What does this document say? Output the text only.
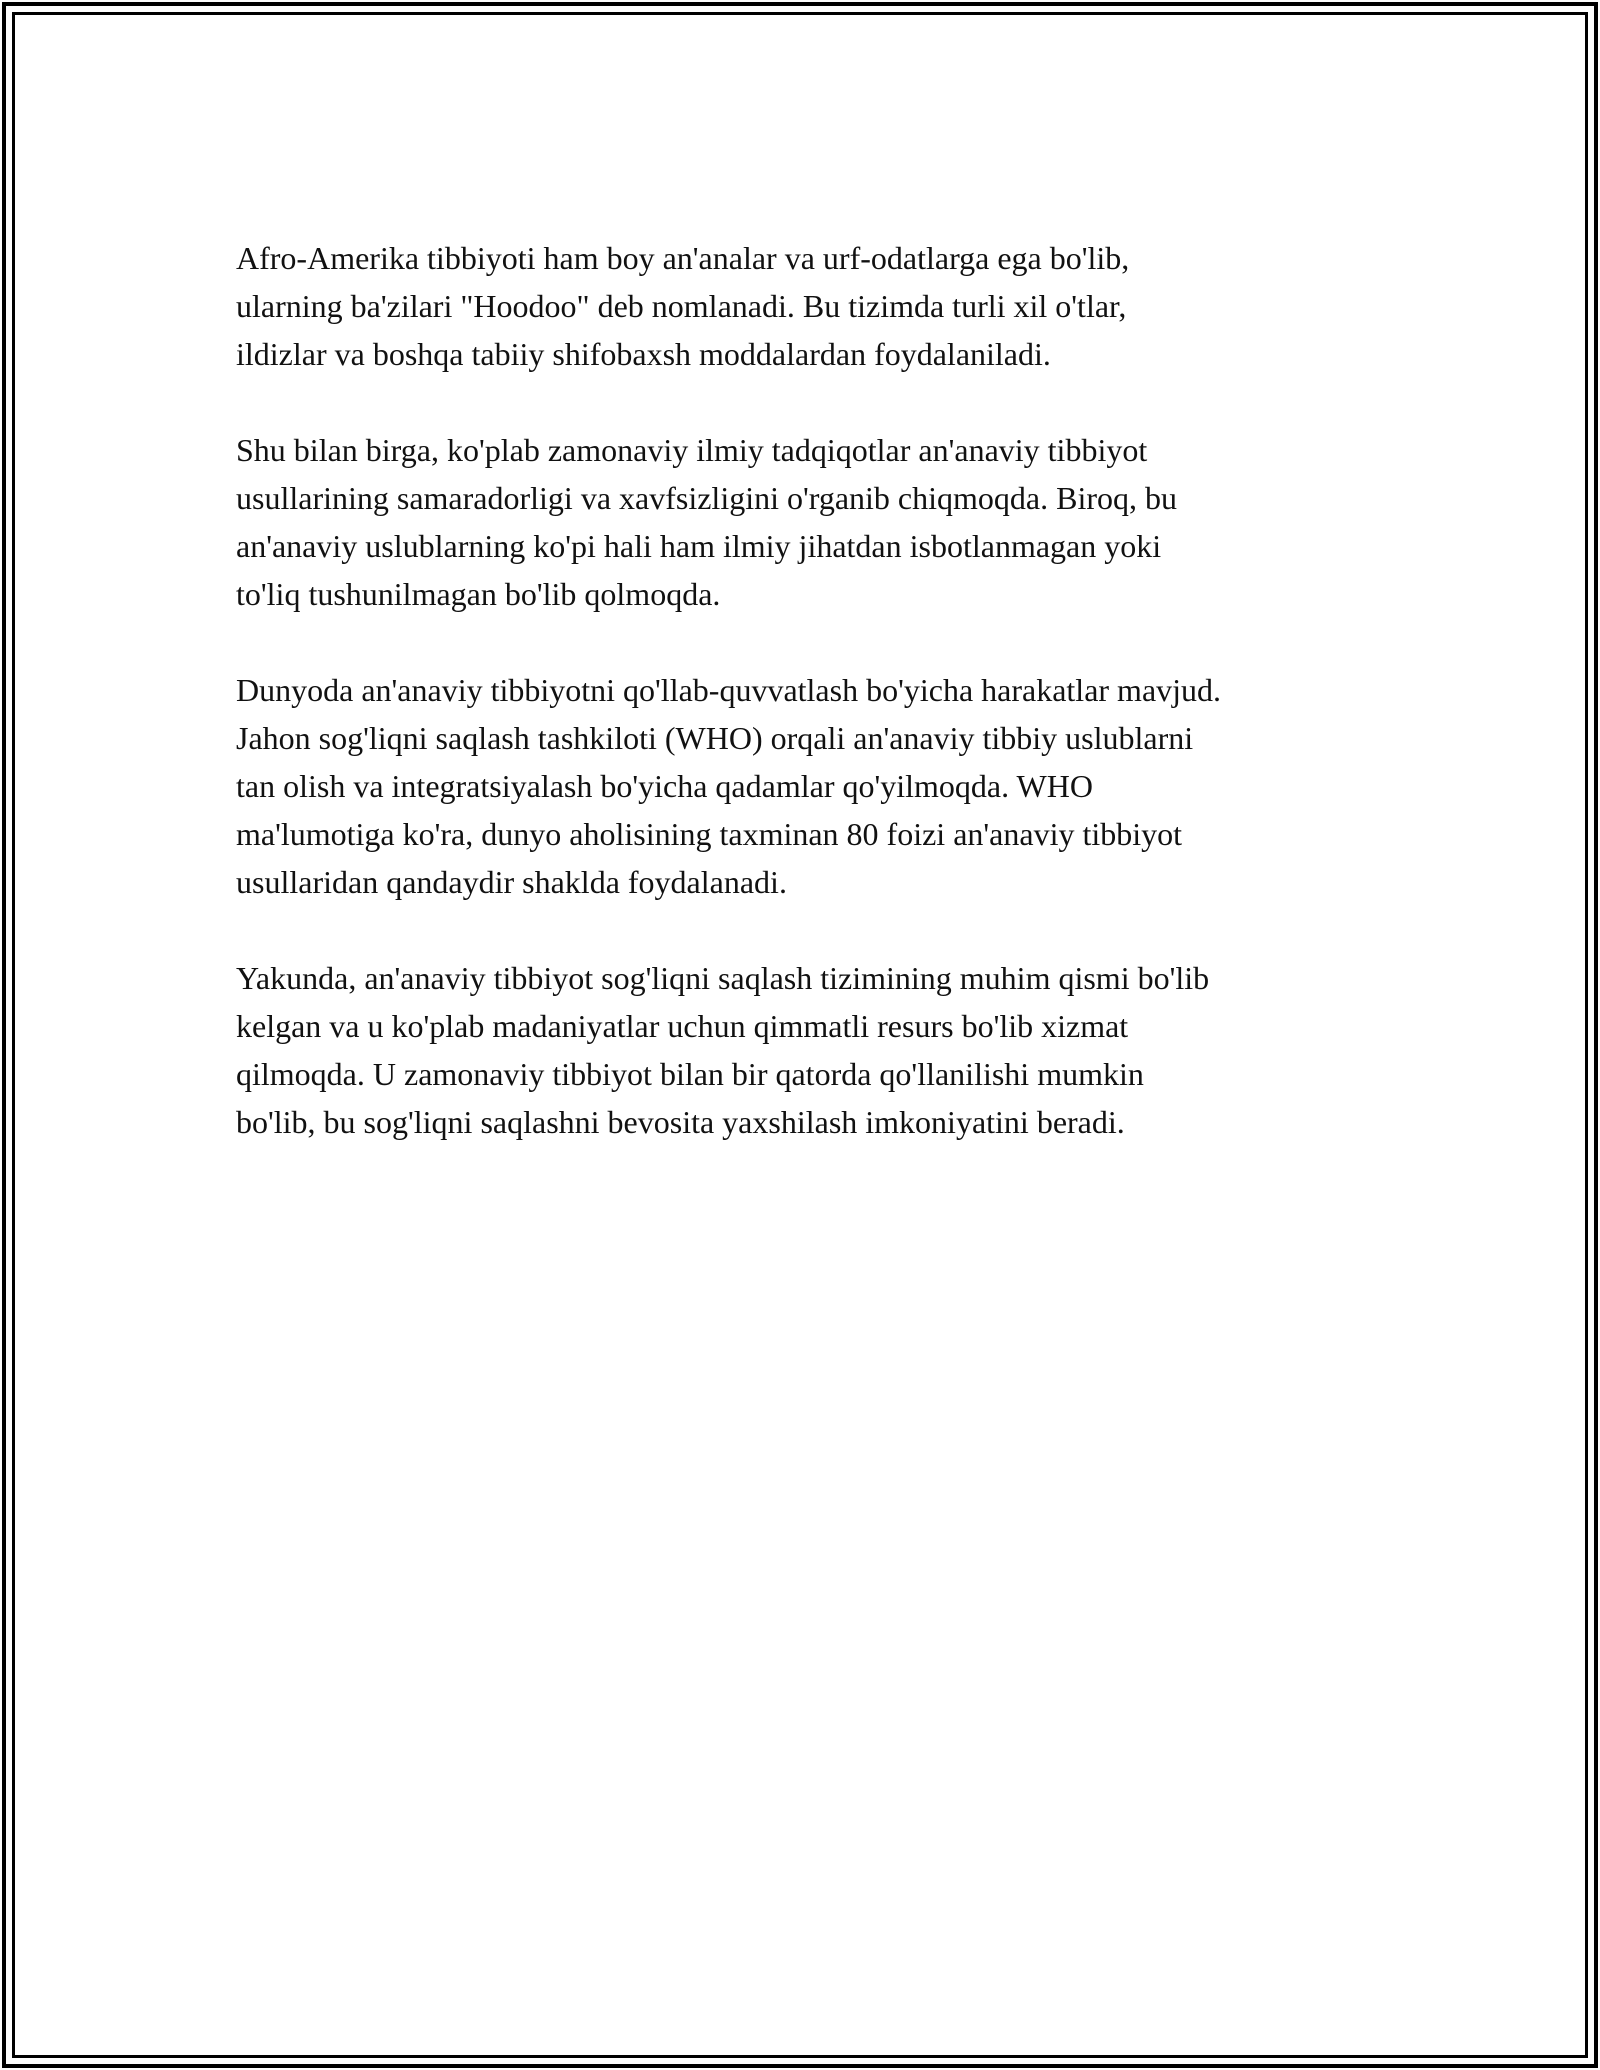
Afro-Amerika tibbiyoti ham boy an'analar va urf-odatlarga ega bo'lib,
ularning ba'zilari "Hoodoo" deb nomlanadi. Bu tizimda turli xil o'tlar,
ildizlar va boshqa tabiiy shifobaxsh moddalardan foydalaniladi.

Shu bilan birga, ko'plab zamonaviy ilmiy tadqiqotlar an'anaviy tibbiyot
usullarining samaradorligi va xavfsizligini o'rganib chiqmoqda. Biroq, bu
an'anaviy uslublarning ko'pi hali ham ilmiy jihatdan isbotlanmagan yoki
to'liq tushunilmagan bo'lib qolmoqda.

Dunyoda an'anaviy tibbiyotni qo'llab-quvvatlash bo'yicha harakatlar mavjud.
Jahon sog'liqni saqlash tashkiloti (WHO) orqali an'anaviy tibbiy uslublarni
tan olish va integratsiyalash bo'yicha qadamlar qo'yilmoqda. WHO
ma'lumotiga ko'ra, dunyo aholisining taxminan 80 foizi an'anaviy tibbiyot
usullaridan qandaydir shaklda foydalanadi.

Yakunda, an'anaviy tibbiyot sog'liqni saqlash tizimining muhim qismi bo'lib
kelgan va u ko'plab madaniyatlar uchun qimmatli resurs bo'lib xizmat
qilmoqda. U zamonaviy tibbiyot bilan bir qatorda qo'llanilishi mumkin
bo'lib, bu sog'liqni saqlashni bevosita yaxshilash imkoniyatini beradi.
